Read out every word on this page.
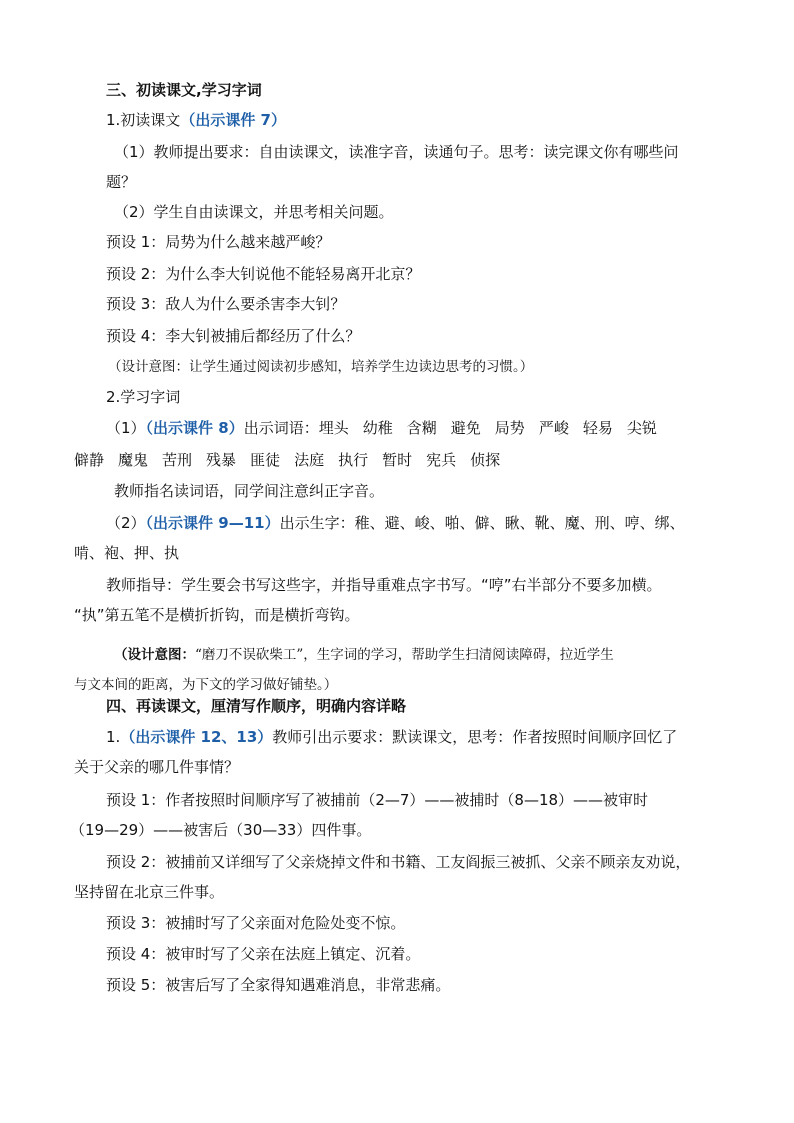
三、初读课文,学习字词
1.初读课文（出示课件 7）
（1）教师提出要求：自由读课文，读准字音，读通句子。思考：读完课文你有哪些问
题？
（2）学生自由读课文，并思考相关问题。
预设 1：局势为什么越来越严峻？
预设 2：为什么李大钊说他不能轻易离开北京？
预设 3：敌人为什么要杀害李大钊？
预设 4：李大钊被捕后都经历了什么？
（设计意图：让学生通过阅读初步感知，培养学生边读边思考的习惯。）
2.学习字词
（1）（出示课件 8）出示词语：埋头 幼稚 含糊 避免 局势 严峻 轻易 尖锐
僻静 魔鬼 苦刑 残暴 匪徒 法庭 执行 暂时 宪兵 侦探
教师指名读词语，同学间注意纠正字音。
（2）（出示课件 9—11）出示生字：稚、避、峻、啪、僻、瞅、靴、魔、刑、哼、绑、
啃、袍、押、执
教师指导：学生要会书写这些字，并指导重难点字书写。“哼”右半部分不要多加横。
“执”第五笔不是横折折钩，而是横折弯钩。
（设计意图：“磨刀不误砍柴工”，生字词的学习，帮助学生扫清阅读障碍，拉近学生
与文本间的距离，为下文的学习做好铺垫。）
四、再读课文，厘清写作顺序，明确内容详略
1.（出示课件 12、13）教师引出示要求：默读课文，思考：作者按照时间顺序回忆了
关于父亲的哪几件事情？
预设 1：作者按照时间顺序写了被捕前（2—7）——被捕时（8—18）——被审时
（19—29）——被害后（30—33）四件事。
预设 2：被捕前又详细写了父亲烧掉文件和书籍、工友阎振三被抓、父亲不顾亲友劝说，
坚持留在北京三件事。
预设 3：被捕时写了父亲面对危险处变不惊。
预设 4：被审时写了父亲在法庭上镇定、沉着。
预设 5：被害后写了全家得知遇难消息，非常悲痛。
